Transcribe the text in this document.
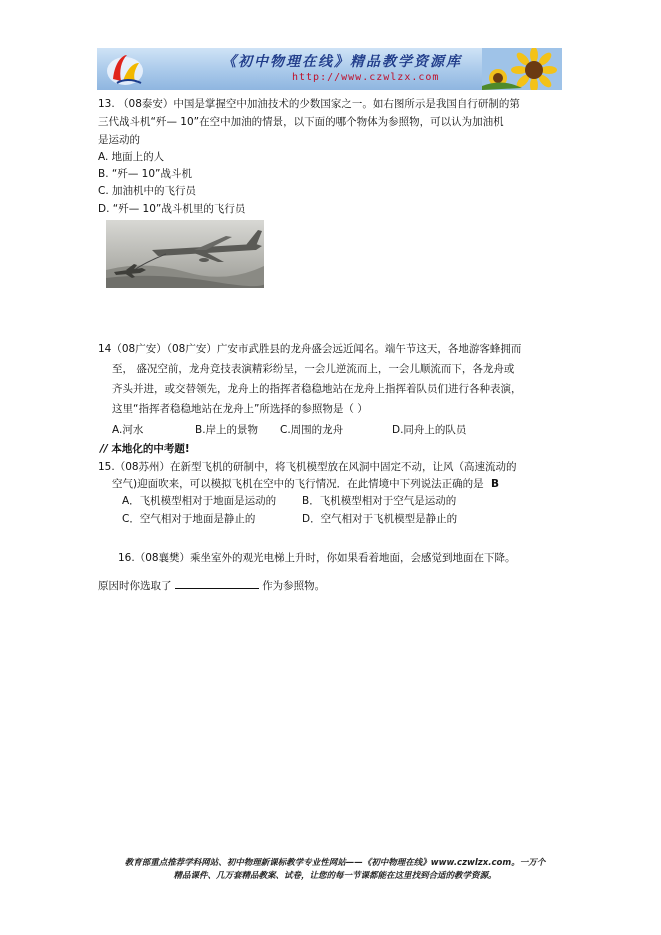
《初中物理在线》精品教学资源库
http://www.czwlzx.com
13. （08泰安）中国是掌握空中加油技术的少数国家之一。如右图所示是我国自行研制的第
三代战斗机“歼— 10”在空中加油的情景，以下面的哪个物体为参照物，可以认为加油机
是运动的
A. 地面上的人
B. “歼— 10”战斗机
C. 加油机中的飞行员
D. “歼— 10”战斗机里的飞行员
14（08广安）（08广安）广安市武胜县的龙舟盛会远近闻名。端午节这天，各地游客蜂拥而
至， 盛况空前，龙舟竞技表演精彩纷呈，一会儿逆流而上，一会儿顺流而下，各龙舟或
齐头并进，或交替领先，龙舟上的指挥者稳稳地站在龙舟上指挥着队员们进行各种表演，
这里“指挥者稳稳地站在龙舟上”所选择的参照物是（ ）
A.河水	B.岸上的景物 C.周围的龙舟	D.同舟上的队员
// 本地化的中考题!
15.（08苏州）在新型飞机的研制中，将飞机模型放在风洞中固定不动，让风（高速流动的
空气)迎面吹来，可以模拟飞机在空中的飞行情况．在此情境中下列说法正确的是 B
A．飞机模型相对于地面是运动的 B．飞机模型相对于空气是运动的
C．空气相对于地面是静止的	D．空气相对于飞机模型是静止的
16.（08襄樊）乘坐室外的观光电梯上升时，你如果看着地面，会感觉到地面在下降。
原因时你选取了	作为参照物。
教育部重点推荐学科网站、初中物理新课标教学专业性网站——《初中物理在线》www.czwlzx.com。一万个
精品课件、几万套精品教案、试卷，让您的每一节课都能在这里找到合适的教学资源。
